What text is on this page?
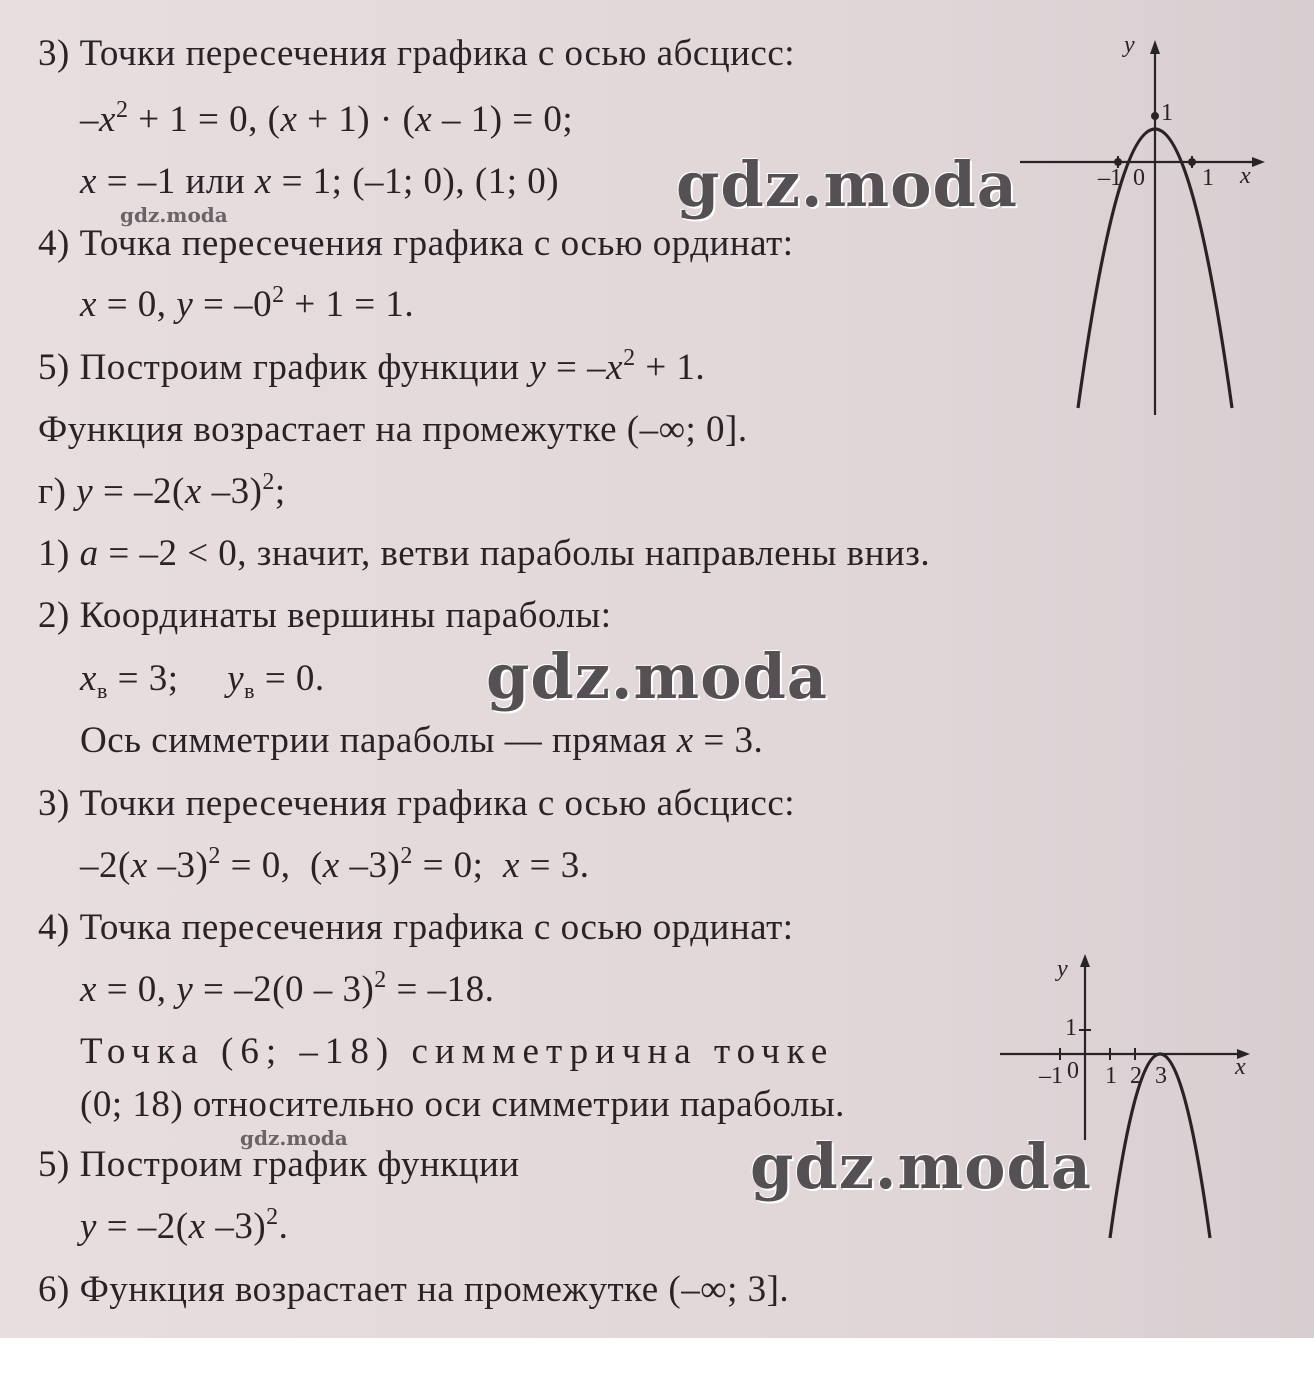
3) Точки пересечения графика с осью абсцисс:
$-x^2 + 1 = 0$, (x + 1) · (x – 1) = 0;
x = –1 или x = 1; (–1; 0), (1; 0)
4) Точка пересечения графика с осью ординат:
x = 0, $y = -0^2 + 1 = 1$.
5) Построим график функции $y = -x^2 + 1$.
Функция возрастает на промежутке (–∞; 0].
г) y = –2(x –3)$^2$;
1) a = –2 < 0, значит, ветви параболы направлены вниз.
2) Координаты вершины параболы:
$x_в = 3$;     $y_в = 0$.
Ось симметрии параболы — прямая x = 3.
3) Точки пересечения графика с осью абсцисс:
–2(x –3)$^2$ = 0,  (x –3)$^2$ = 0;  x = 3.
4) Точка пересечения графика с осью ординат:
x = 0, y = –2(0 – 3)$^2$ = –18.
Точка (6; –18) симметрична точке
(0; 18) относительно оси симметрии параболы.
5) Построим график функции
y = –2(x –3)$^2$.
6) Функция возрастает на промежутке (–∞; 3].
y
x
–1 0 1
1
y
x
1
–1 0 1 2 3
gdz.moda
gdz.moda
gdz.moda
gdz.moda
gdz.moda
